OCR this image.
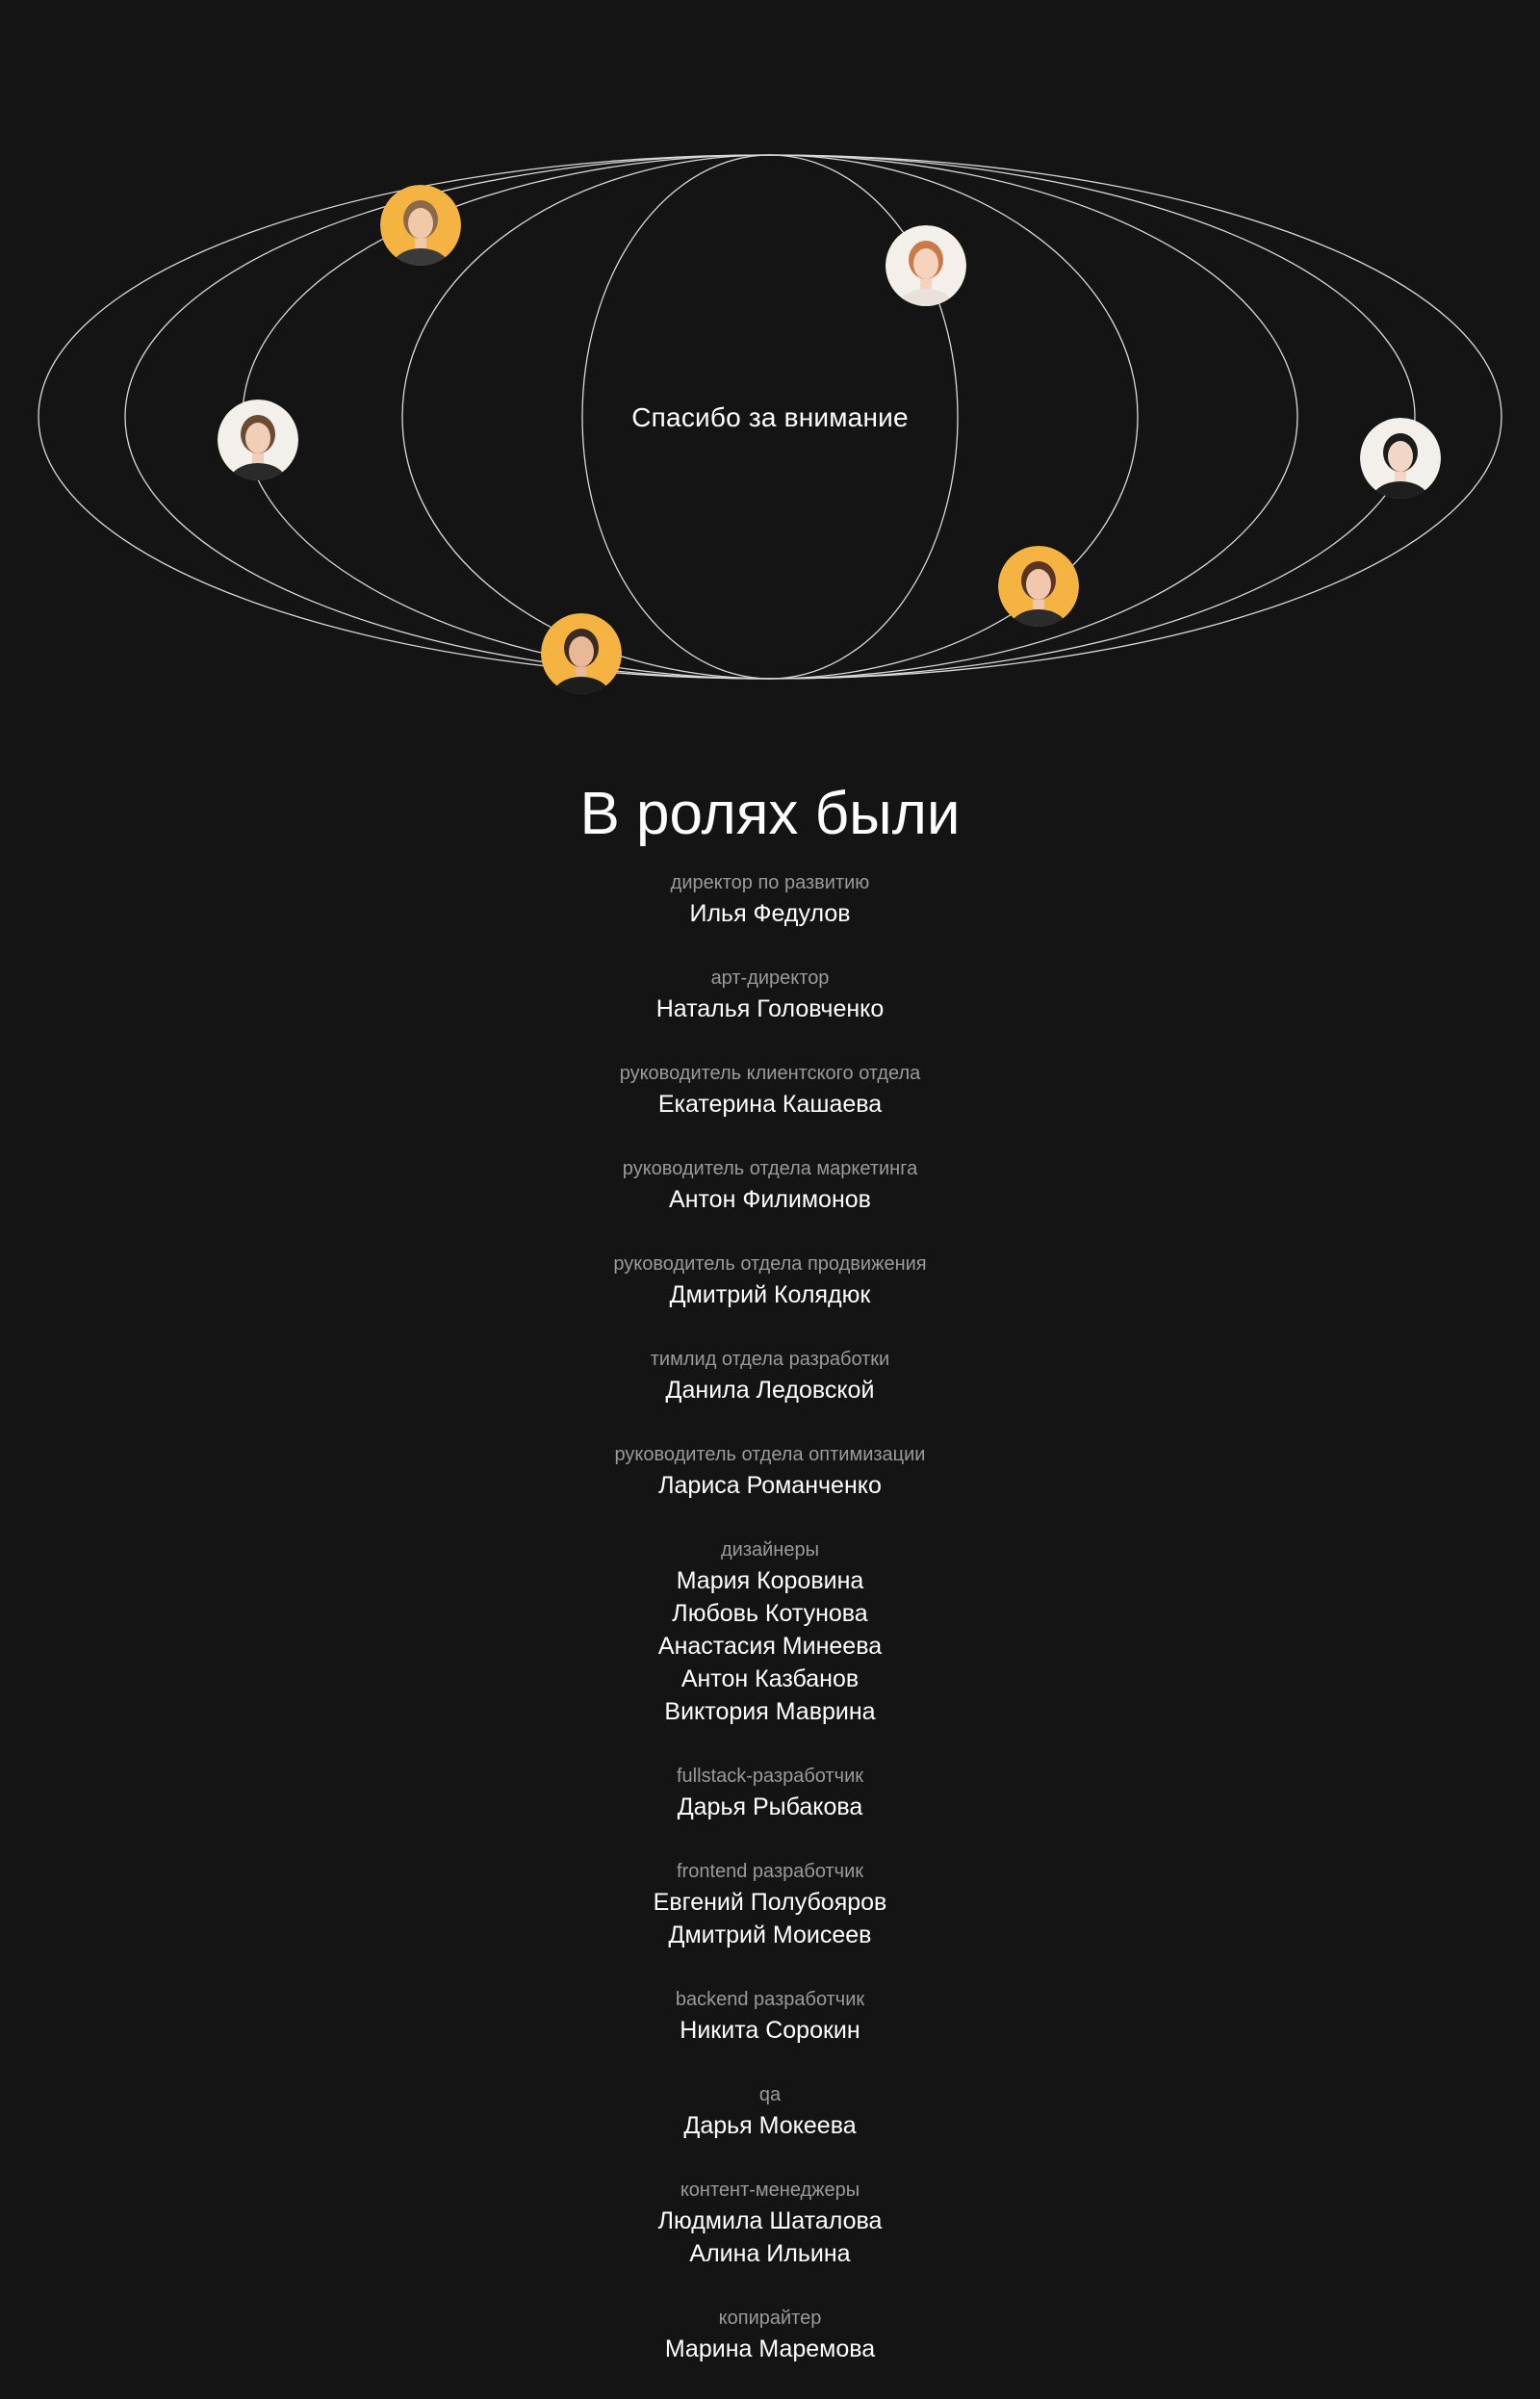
Спасибо за внимание
В ролях были
директор по развитию
Илья Федулов
арт-директор
Наталья Головченко
руководитель клиентского отдела
Екатерина Кашаева
руководитель отдела маркетинга
Антон Филимонов
руководитель отдела продвижения
Дмитрий Колядюк
тимлид отдела разработки
Данила Ледовской
руководитель отдела оптимизации
Лариса Романченко
дизайнеры
Мария Коровина
Любовь Котунова
Анастасия Минеева
Антон Казбанов
Виктория Маврина
fullstack-разработчик
Дарья Рыбакова
frontend разработчик
Евгений Полубояров
Дмитрий Моисеев
backend разработчик
Никита Сорокин
qa
Дарья Мокеева
контент-менеджеры
Людмила Шаталова
Алина Ильина
копирайтер
Марина Маремова
